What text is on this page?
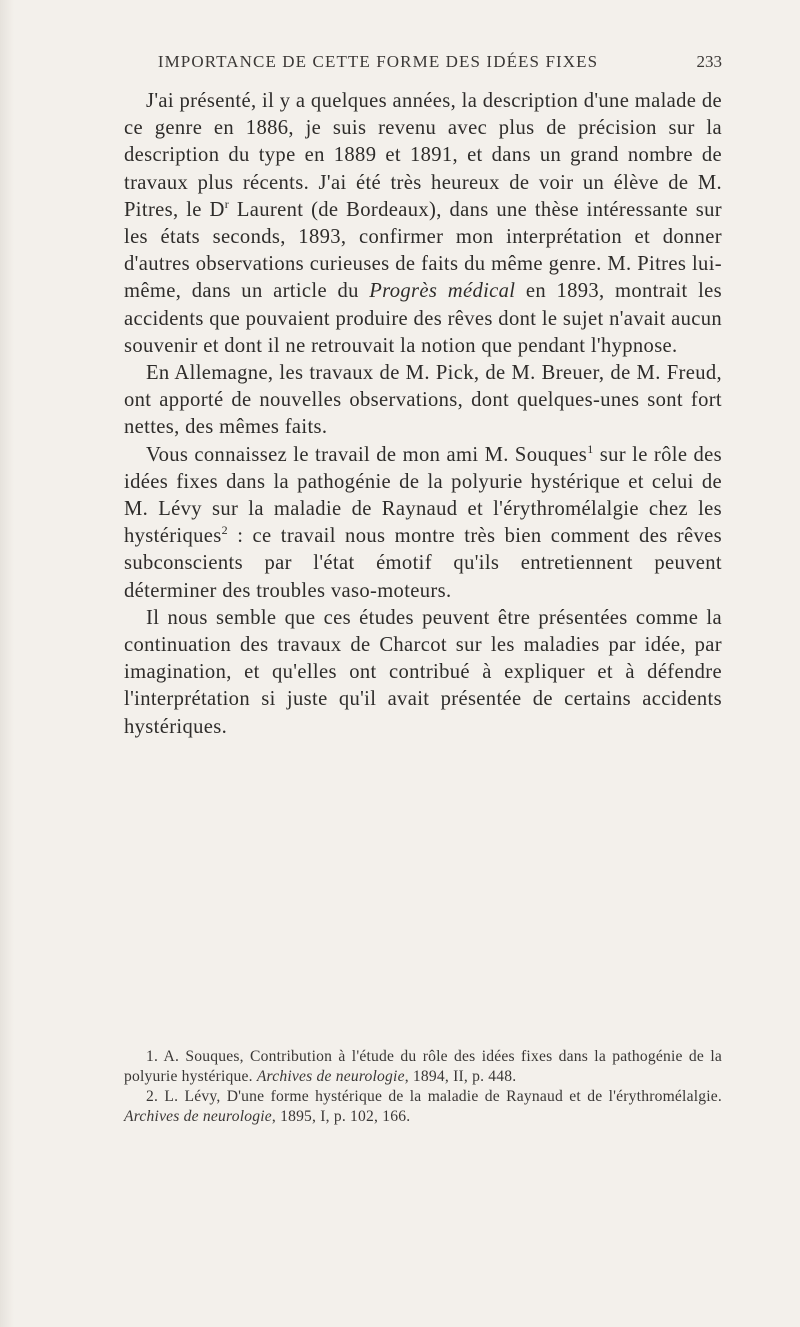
IMPORTANCE DE CETTE FORME DES IDÉES FIXES	233

J'ai présenté, il y a quelques années, la description d'une malade de ce genre en 1886, je suis revenu avec plus de précision sur la description du type en 1889 et 1891, et dans un grand nombre de travaux plus récents. J'ai été très heureux de voir un élève de M. Pitres, le $D^r$ Laurent (de Bordeaux), dans une thèse intéressante sur les états seconds, 1893, confirmer mon interprétation et donner d'autres observations curieuses de faits du même genre. M. Pitres lui-même, dans un article du Progrès médical en 1893, montrait les accidents que pouvaient produire des rêves dont le sujet n'avait aucun souvenir et dont il ne retrouvait la notion que pendant l'hypnose.

En Allemagne, les travaux de M. Pick, de M. Breuer, de M. Freud, ont apporté de nouvelles observations, dont quelques-unes sont fort nettes, des mêmes faits.

Vous connaissez le travail de mon ami M. Souques$^1$ sur le rôle des idées fixes dans la pathogénie de la polyurie hystérique et celui de M. Lévy sur la maladie de Raynaud et l'érythromélalgie chez les hystériques$^2$ : ce travail nous montre très bien comment des rêves subconscients par l'état émotif qu'ils entretiennent peuvent déterminer des troubles vaso-moteurs.

Il nous semble que ces études peuvent être présentées comme la continuation des travaux de Charcot sur les maladies par idée, par imagination, et qu'elles ont contribué à expliquer et à défendre l'interprétation si juste qu'il avait présentée de certains accidents hystériques.

1. A. Souques, Contribution à l'étude du rôle des idées fixes dans la pathogénie de la polyurie hystérique. Archives de neurologie, 1894, II, p. 448.

2. L. Lévy, D'une forme hystérique de la maladie de Raynaud et de l'érythromélalgie. Archives de neurologie, 1895, I, p. 102, 166.
